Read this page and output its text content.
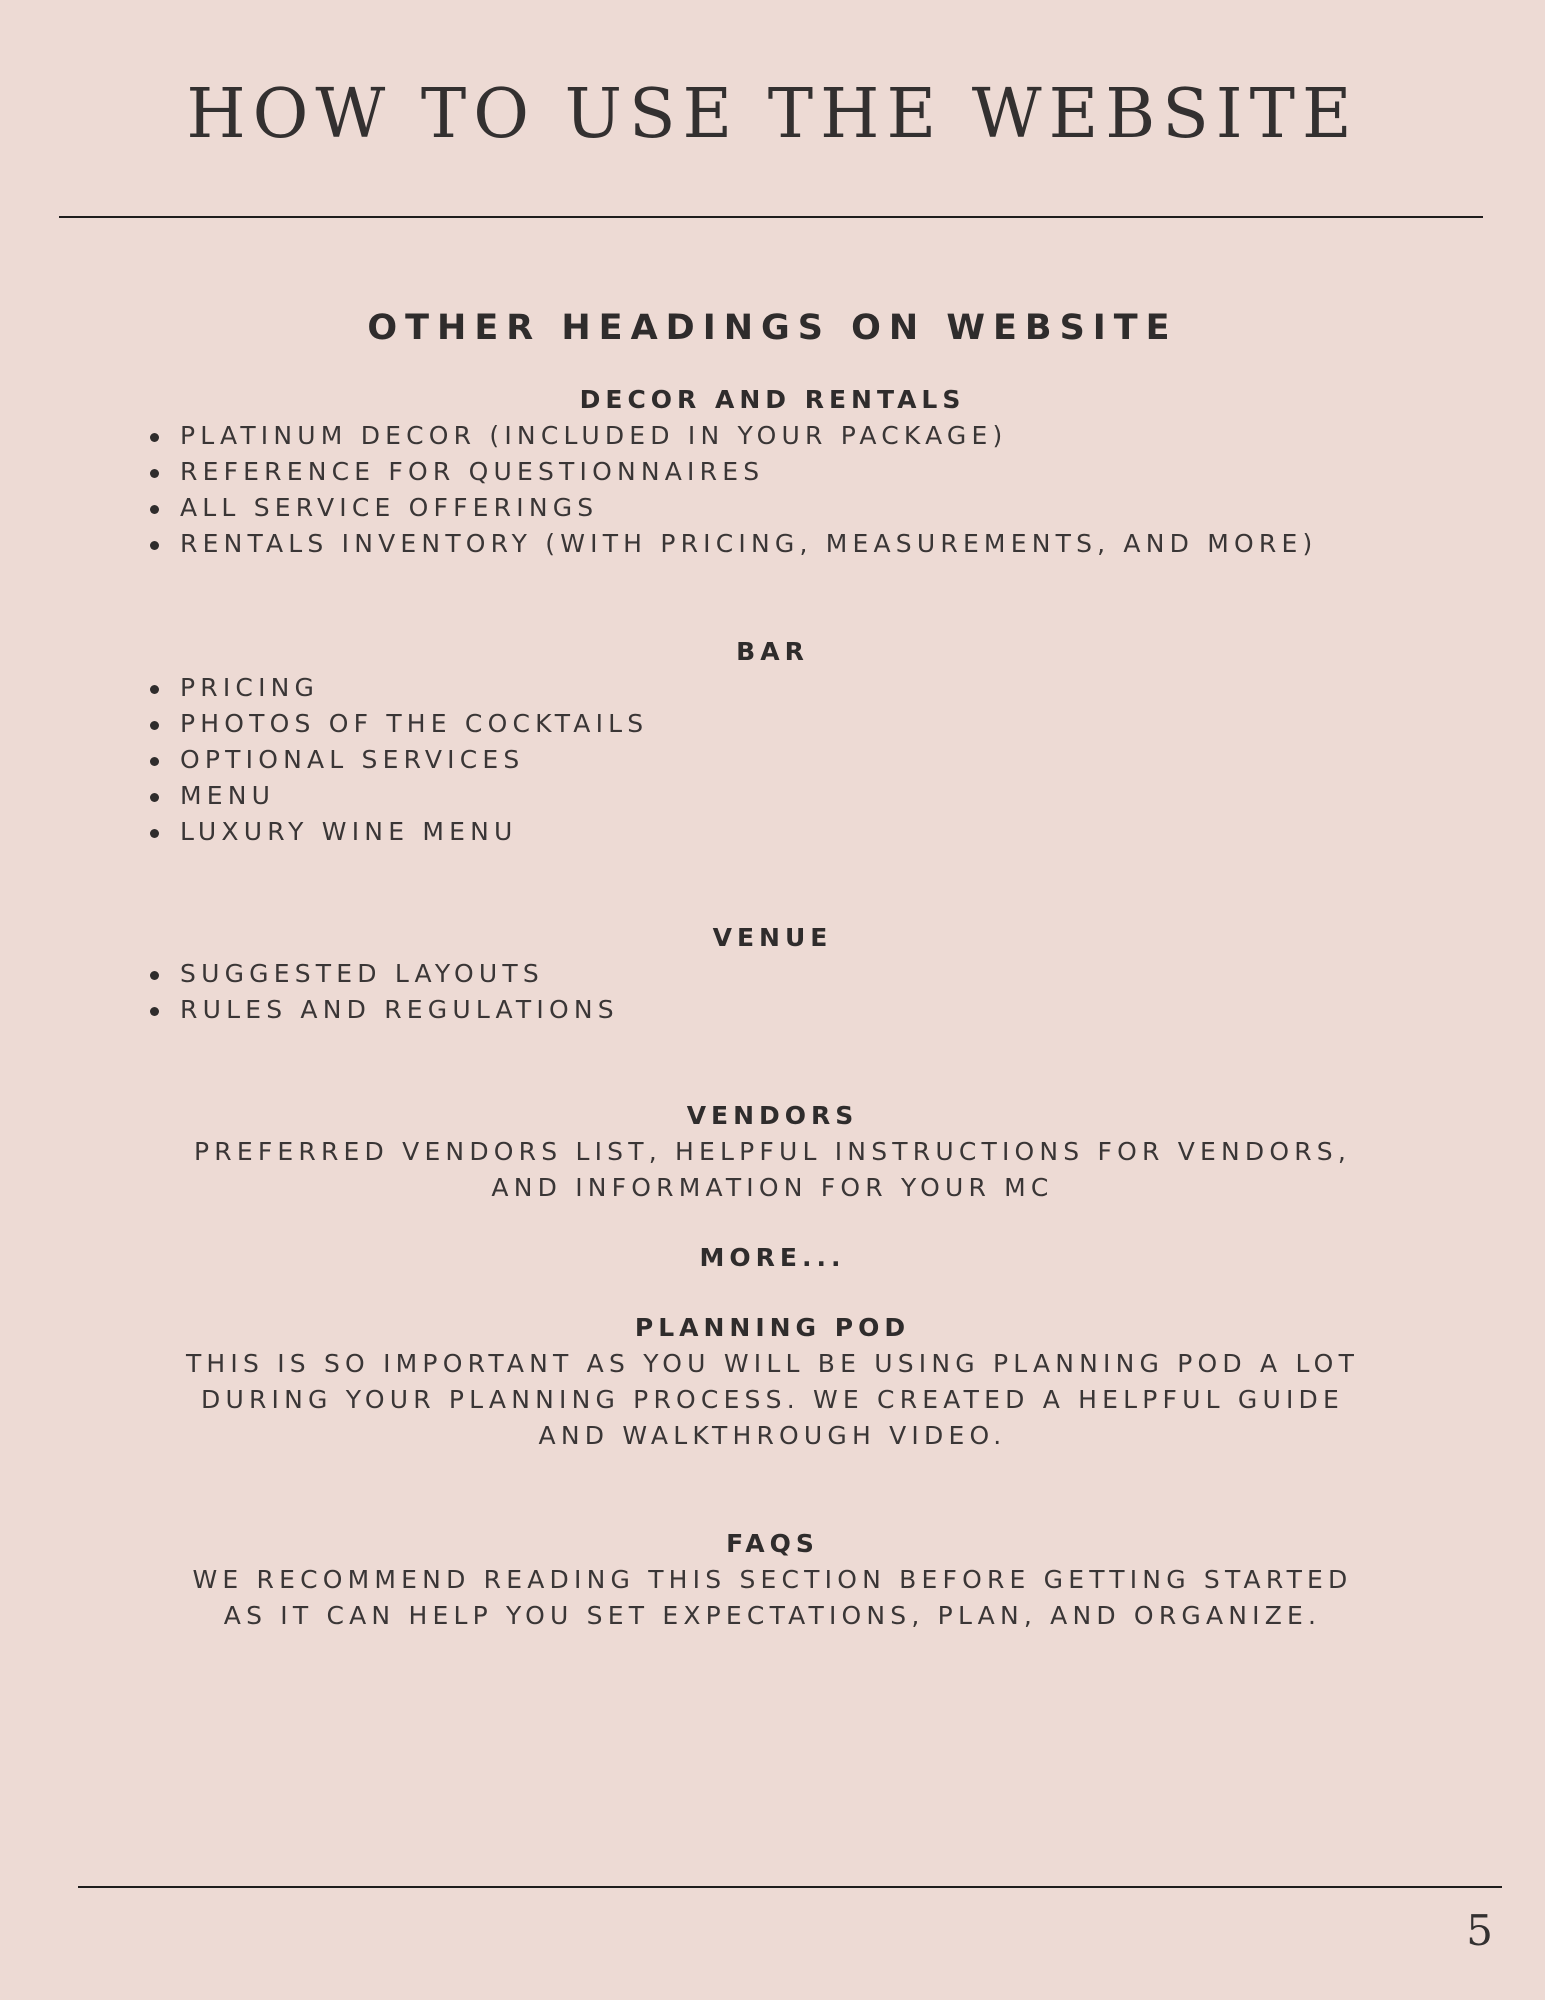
HOW TO USE THE WEBSITE
OTHER HEADINGS ON WEBSITE
DECOR AND RENTALS
PLATINUM DECOR (INCLUDED IN YOUR PACKAGE)
REFERENCE FOR QUESTIONNAIRES
ALL SERVICE OFFERINGS
RENTALS INVENTORY (WITH PRICING, MEASUREMENTS, AND MORE)
BAR
PRICING
PHOTOS OF THE COCKTAILS
OPTIONAL SERVICES
MENU
LUXURY WINE MENU
VENUE
SUGGESTED LAYOUTS
RULES AND REGULATIONS
VENDORS

PREFERRED VENDORS LIST, HELPFUL INSTRUCTIONS FOR VENDORS,

AND INFORMATION FOR YOUR MC

MORE...
PLANNING POD

THIS IS SO IMPORTANT AS YOU WILL BE USING PLANNING POD A LOT

DURING YOUR PLANNING PROCESS. WE CREATED A HELPFUL GUIDE

AND WALKTHROUGH VIDEO.

FAQS

WE RECOMMEND READING THIS SECTION BEFORE GETTING STARTED

AS IT CAN HELP YOU SET EXPECTATIONS, PLAN, AND ORGANIZE.

5
